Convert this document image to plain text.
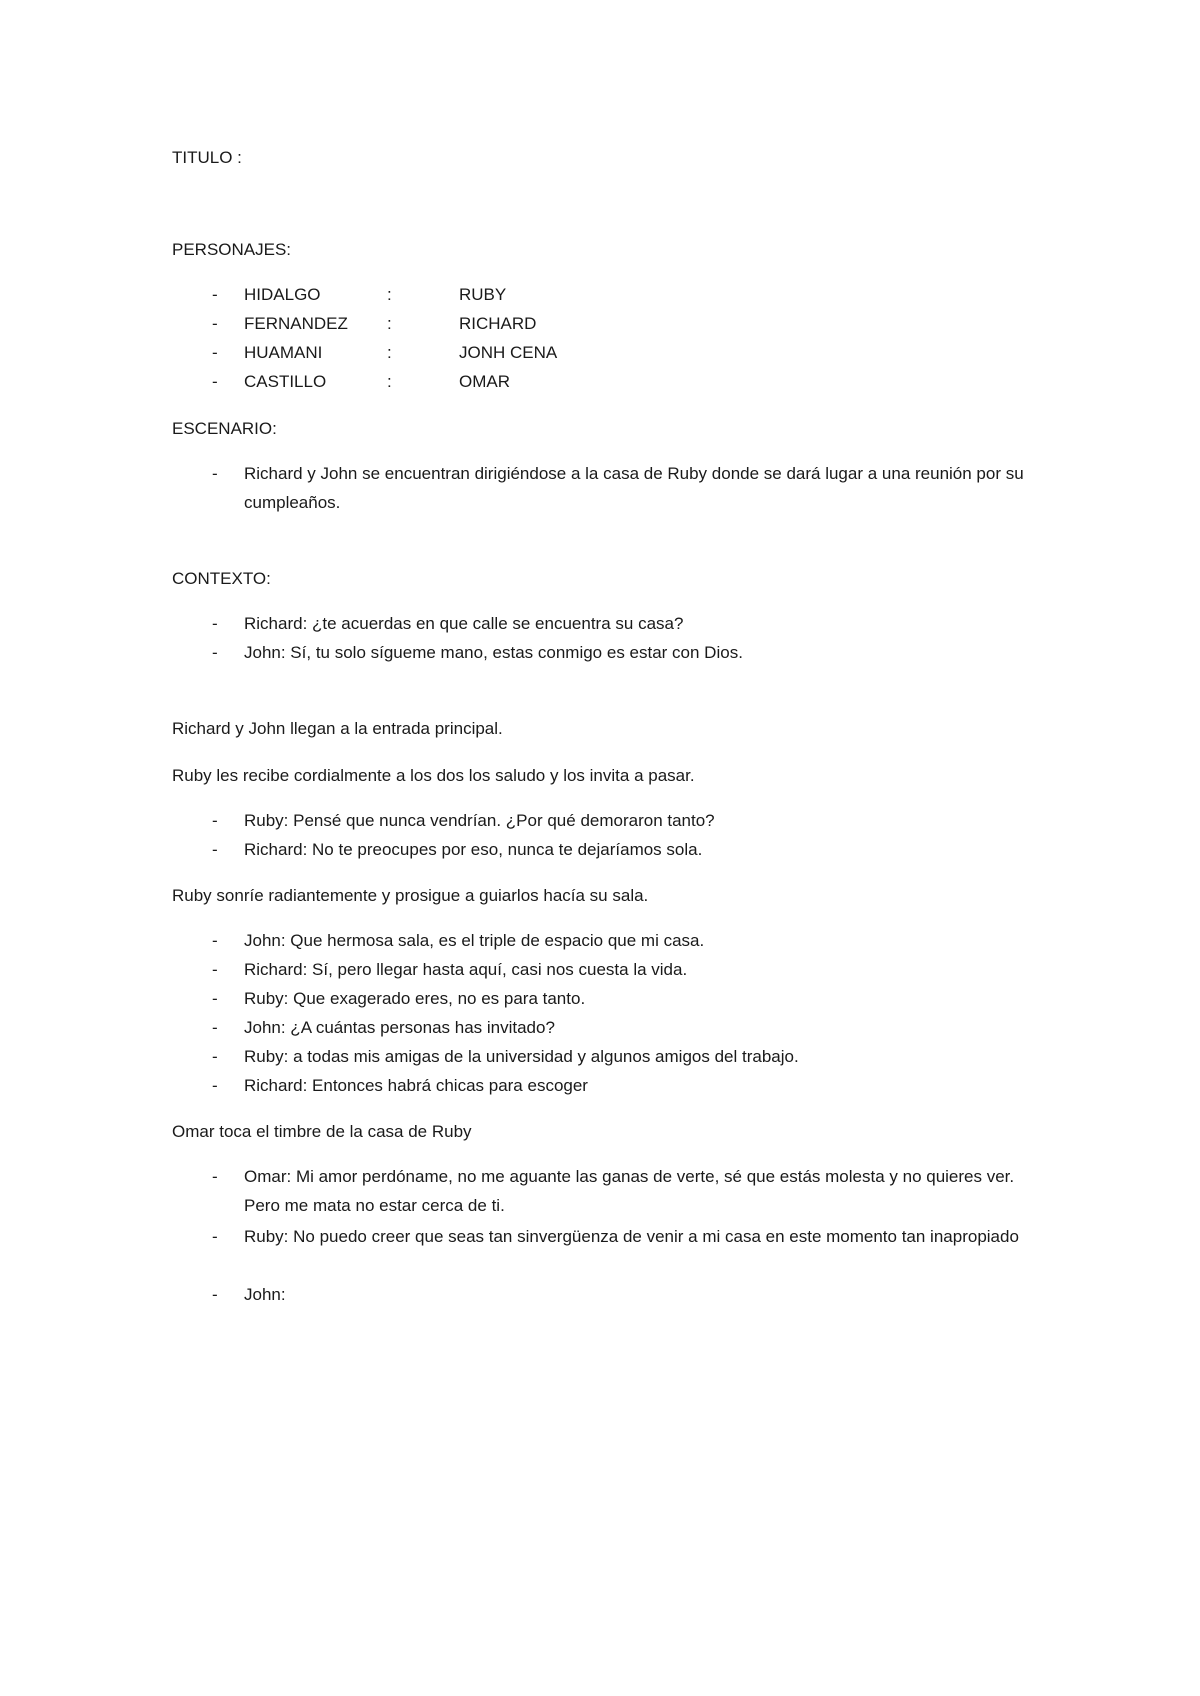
TITULO :
PERSONAJES:
- HIDALGO	:	RUBY
- FERNANDEZ :	RICHARD
- HUAMANI	:	JONH CENA
- CASTILLO	:	OMAR
ESCENARIO:
- Richard y John se encuentran dirigiéndose a la casa de Ruby donde se dará lugar a una reunión por su cumpleaños.
CONTEXTO:
- Richard: ¿te acuerdas en que calle se encuentra su casa?
- John: Sí, tu solo sígueme mano, estas conmigo es estar con Dios.
Richard y John llegan a la entrada principal.
Ruby les recibe cordialmente a los dos los saludo y los invita a pasar.
- Ruby: Pensé que nunca vendrían. ¿Por qué demoraron tanto?
- Richard: No te preocupes por eso, nunca te dejaríamos sola.
Ruby sonríe radiantemente y prosigue a guiarlos hacía su sala.
- John: Que hermosa sala, es el triple de espacio que mi casa.
- Richard: Sí, pero llegar hasta aquí, casi nos cuesta la vida.
- Ruby: Que exagerado eres, no es para tanto.
- John: ¿A cuántas personas has invitado?
- Ruby: a todas mis amigas de la universidad y algunos amigos del trabajo.
- Richard: Entonces habrá chicas para escoger
Omar toca el timbre de la casa de Ruby
- Omar: Mi amor perdóname, no me aguante las ganas de verte, sé que estás molesta y no quieres ver. Pero me mata no estar cerca de ti.
- Ruby: No puedo creer que seas tan sinvergüenza de venir a mi casa en este momento tan inapropiado
- John:
